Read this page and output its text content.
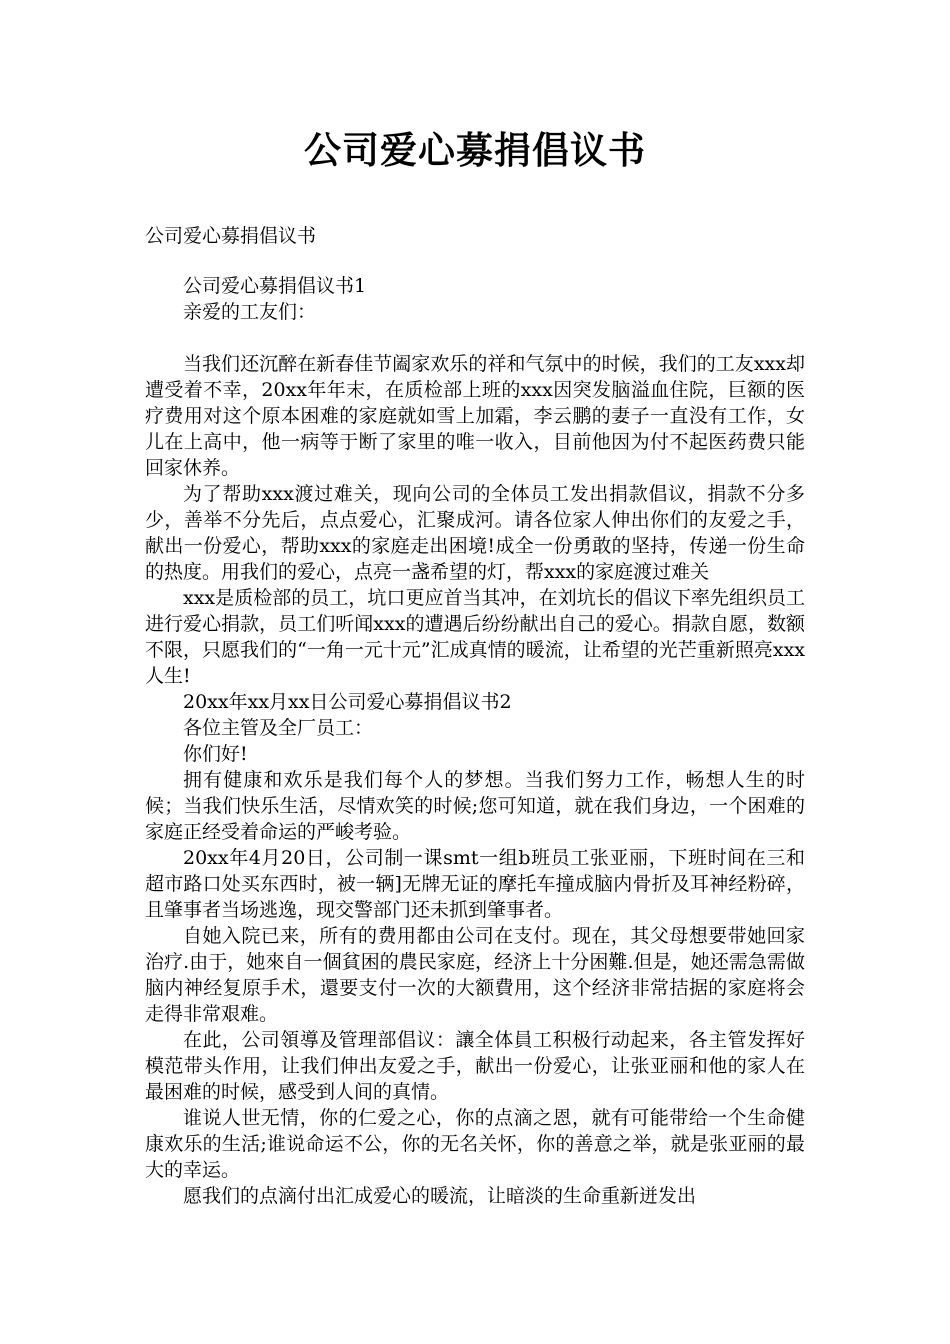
公司爱心募捐倡议书
公司爱心募捐倡议书

公司爱心募捐倡议书1

亲爱的工友们：

当我们还沉醉在新春佳节阖家欢乐的祥和气氛中的时候，我们的工友xxx却遭受着不幸，20xx年年末，在质检部上班的xxx因突发脑溢血住院，巨额的医疗费用对这个原本困难的家庭就如雪上加霜，李云鹏的妻子一直没有工作，女儿在上高中，他一病等于断了家里的唯一收入，目前他因为付不起医药费只能回家休养。

为了帮助xxx渡过难关，现向公司的全体员工发出捐款倡议，捐款不分多少，善举不分先后，点点爱心，汇聚成河。请各位家人伸出你们的友爱之手，献出一份爱心，帮助xxx的家庭走出困境!成全一份勇敢的坚持，传递一份生命的热度。用我们的爱心，点亮一盏希望的灯，帮xxx的家庭渡过难关

xxx是质检部的员工，坑口更应首当其冲，在刘坑长的倡议下率先组织员工进行爱心捐款，员工们听闻xxx的遭遇后纷纷献出自己的爱心。捐款自愿，数额不限，只愿我们的“一角一元十元”汇成真情的暖流，让希望的光芒重新照亮xxx人生!

20xx年xx月xx日公司爱心募捐倡议书2

各位主管及全厂员工：

你们好!

拥有健康和欢乐是我们每个人的梦想。当我们努力工作，畅想人生的时候；当我们快乐生活，尽情欢笑的时候;您可知道，就在我们身边，一个困难的家庭正经受着命运的严峻考验。

20xx年4月20日，公司制一课smt一组b班员工张亚丽，下班时间在三和超市路口处买东西时，被一辆]无牌无证的摩托车撞成脑内骨折及耳神经粉碎，且肇事者当场逃逸，现交警部门还未抓到肇事者。

自她入院已来，所有的费用都由公司在支付。现在，其父母想要带她回家治疗.由于，她來自一個貧困的農民家庭，经济上十分困難.但是，她还需急需做脑内神经复原手术，還要支付一次的大额費用，这个经济非常拮据的家庭将会走得非常艰难。

在此，公司領導及管理部倡议：讓全体員工积极行动起来，各主管发挥好模范带头作用，让我们伸出友爱之手，献出一份爱心，让张亚丽和他的家人在最困难的时候，感受到人间的真情。

谁说人世无情，你的仁爱之心，你的点滴之恩，就有可能带给一个生命健康欢乐的生活;谁说命运不公，你的无名关怀，你的善意之举，就是张亚丽的最大的幸运。

愿我们的点滴付出汇成爱心的暖流，让暗淡的生命重新迸发出
